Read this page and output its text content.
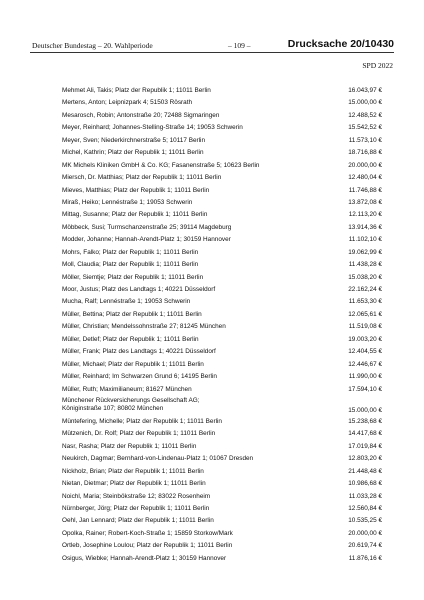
Deutscher Bundestag – 20. Wahlperiode	– 109 –	Drucksache 20/10430
SPD 2022
Mehmet Ali, Takis; Platz der Republik 1; 11011 Berlin	16.043,97 €
Mertens, Anton; Leipnizpark 4; 51503 Rösrath	15.000,00 €
Mesarosch, Robin; Antonstraße 20; 72488 Sigmaringen	12.488,52 €
Meyer, Reinhard; Johannes-Stelling-Straße 14; 19053 Schwerin	15.542,52 €
Meyer, Sven; Niederkirchnerstraße 5; 10117 Berlin	11.573,10 €
Michel, Kathrin; Platz der Republik 1; 11011 Berlin	18.716,88 €
MK Michels Kliniken GmbH & Co. KG; Fasanenstraße 5; 10623 Berlin	20.000,00 €
Miersch, Dr. Matthias; Platz der Republik 1; 11011 Berlin	12.480,04 €
Mieves, Matthias; Platz der Republik 1; 11011 Berlin	11.746,88 €
Miraß, Heiko; Lennéstraße 1; 19053 Schwerin	13.872,08 €
Mittag, Susanne; Platz der Republik 1; 11011 Berlin	12.113,20 €
Möbbeck, Susi; Turmschanzenstraße 25; 39114 Magdeburg	13.914,36 €
Modder, Johanne; Hannah-Arendt-Platz 1; 30159 Hannover	11.102,10 €
Mohrs, Falko; Platz der Republik 1; 11011 Berlin	19.062,99 €
Moll, Claudia; Platz der Republik 1; 11011 Berlin	11.438,28 €
Möller, Siemtje; Platz der Republik 1; 11011 Berlin	15.038,20 €
Moor, Justus; Platz des Landtags 1; 40221 Düsseldorf	22.162,24 €
Mucha, Ralf; Lennéstraße 1; 19053 Schwerin	11.653,30 €
Müller, Bettina; Platz der Republik 1; 11011 Berlin	12.065,61 €
Müller, Christian; Mendelssohnstraße 27; 81245 München	11.519,08 €
Müller, Detlef; Platz der Republik 1; 11011 Berlin	19.003,20 €
Müller, Frank; Platz des Landtags 1; 40221 Düsseldorf	12.404,55 €
Müller, Michael; Platz der Republik 1; 11011 Berlin	12.446,67 €
Müller, Reinhard; Im Schwarzen Grund 6; 14195 Berlin	11.990,00 €
Müller, Ruth; Maximilianeum; 81627 München	17.594,10 €
Münchener Rückversicherungs Gesellschaft AG;
Königinstraße 107; 80802 München	15.000,00 €
Müntefering, Michelle; Platz der Republik 1; 11011 Berlin	15.238,68 €
Mützenich, Dr. Rolf; Platz der Republik 1; 11011 Berlin	14.417,68 €
Nasr, Rasha; Platz der Republik 1; 11011 Berlin	17.019,84 €
Neukirch, Dagmar; Bernhard-von-Lindenau-Platz 1; 01067 Dresden	12.803,20 €
Nickholz, Brian; Platz der Republik 1; 11011 Berlin	21.448,48 €
Nietan, Dietmar; Platz der Republik 1; 11011 Berlin	10.986,68 €
Noichl, Maria; Steinbökstraße 12; 83022 Rosenheim	11.033,28 €
Nürnberger, Jörg; Platz der Republik 1; 11011 Berlin	12.560,84 €
Oehl, Jan Lennard; Platz der Republik 1; 11011 Berlin	10.535,25 €
Opolka, Rainer; Robert-Koch-Straße 1; 15859 Storkow/Mark	20.000,00 €
Ortleb, Josephine Loulou; Platz der Republik 1; 11011 Berlin	20.619,74 €
Osigus, Wiebke; Hannah-Arendt-Platz 1; 30159 Hannover	11.876,16 €
